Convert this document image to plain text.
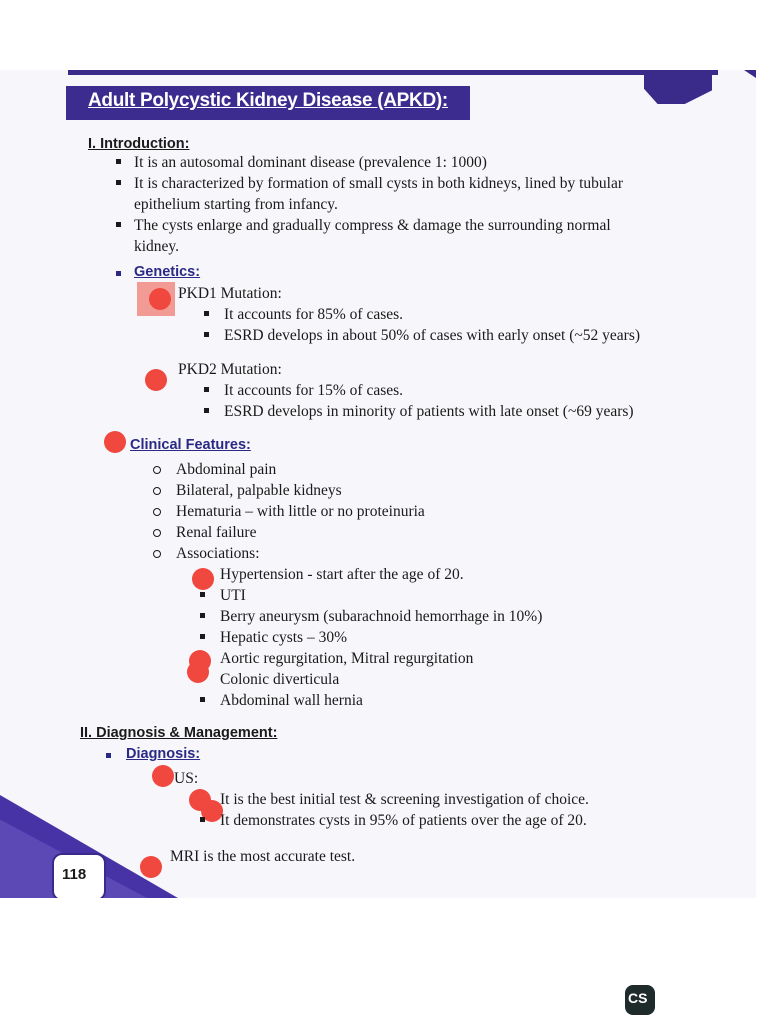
Adult Polycystic Kidney Disease (APKD):
I. Introduction:
It is an autosomal dominant disease (prevalence 1: 1000)
It is characterized by formation of small cysts in both kidneys, lined by tubular
epithelium starting from infancy.
The cysts enlarge and gradually compress & damage the surrounding normal
kidney.
Genetics:
PKD1 Mutation:
It accounts for 85% of cases.
ESRD develops in about 50% of cases with early onset (~52 years)
PKD2 Mutation:
It accounts for 15% of cases.
ESRD develops in minority of patients with late onset (~69 years)
Clinical Features:
Abdominal pain
Bilateral, palpable kidneys
Hematuria – with little or no proteinuria
Renal failure
Associations:
Hypertension - start after the age of 20.
UTI
Berry aneurysm (subarachnoid hemorrhage in 10%)
Hepatic cysts – 30%
Aortic regurgitation, Mitral regurgitation
Colonic diverticula
Abdominal wall hernia
II. Diagnosis & Management:
Diagnosis:
US:
It is the best initial test & screening investigation of choice.
It demonstrates cysts in 95% of patients over the age of 20.
MRI is the most accurate test.
118
CS
